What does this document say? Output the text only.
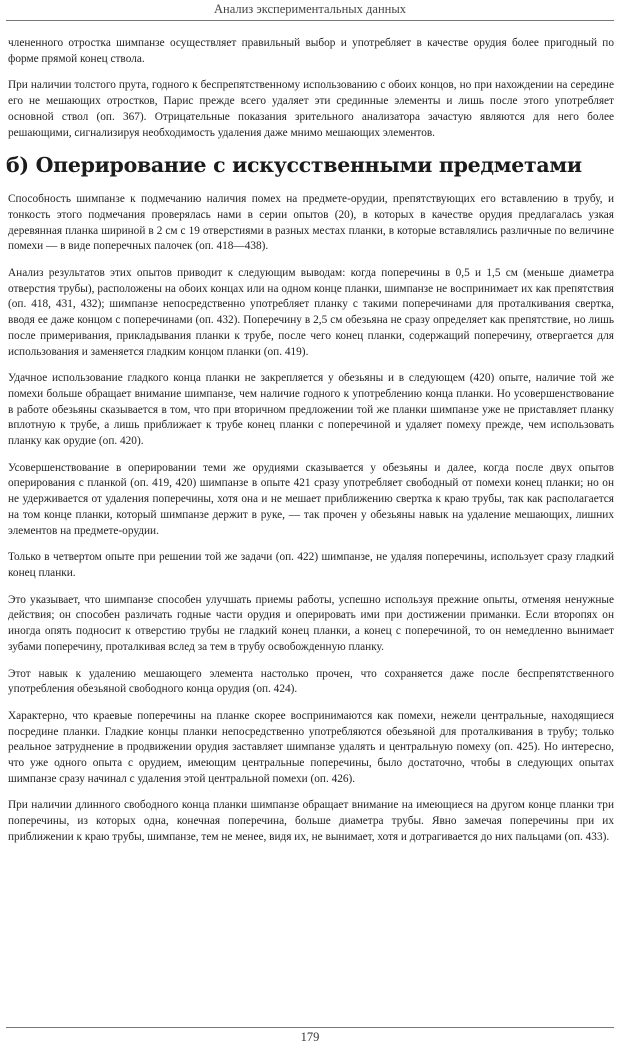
Анализ экспериментальных данных

члененного отростка шимпанзе осуществляет правильный выбор и употребляет в качестве орудия более пригодный по форме прямой конец ствола.

При наличии толстого прута, годного к беспрепятственному использованию с обоих концов, но при нахождении на середине его не мешающих отростков, Парис прежде всего удаляет эти срединные элементы и лишь после этого употребляет основной ствол (оп. 367). Отрицательные показания зрительного анализатора зачастую являются для него более решающими, сигнализируя необходимость удаления даже мнимо мешающих элементов.

б) Оперирование с искусственными предметами

Способность шимпанзе к подмечанию наличия помех на предмете-орудии, препятствующих его вставлению в трубу, и тонкость этого подмечания проверялась нами в серии опытов (20), в которых в качестве орудия предлагалась узкая деревянная планка шириной в 2 см с 19 отверстиями в разных местах планки, в которые вставлялись различные по величине помехи — в виде поперечных палочек (оп. 418—438).

Анализ результатов этих опытов приводит к следующим выводам: когда поперечины в 0,5 и 1,5 см (меньше диаметра отверстия трубы), расположены на обоих концах или на одном конце планки, шимпанзе не воспринимает их как препятствия (оп. 418, 431, 432); шимпанзе непосредственно употребляет планку с такими поперечинами для проталкивания свертка, вводя ее даже концом с поперечинами (оп. 432). Поперечину в 2,5 см обезьяна не сразу определяет как препятствие, но лишь после примеривания, прикладывания планки к трубе, после чего конец планки, содержащий поперечину, отвергается для использования и заменяется гладким концом планки (оп. 419).

Удачное использование гладкого конца планки не закрепляется у обезьяны и в следующем (420) опыте, наличие той же помехи больше обращает внимание шимпанзе, чем наличие годного к употреблению конца планки. Но усовершенствование в работе обезьяны сказывается в том, что при вторичном предложении той же планки шимпанзе уже не приставляет планку вплотную к трубе, а лишь приближает к трубе конец планки с поперечиной и удаляет помеху прежде, чем использовать планку как орудие (оп. 420).

Усовершенствование в оперировании теми же орудиями сказывается у обезьяны и далее, когда после двух опытов оперирования с планкой (оп. 419, 420) шимпанзе в опыте 421 сразу употребляет свободный от помехи конец планки; но он не удерживается от удаления поперечины, хотя она и не мешает приближению свертка к краю трубы, так как располагается на том конце планки, который шимпанзе держит в руке, — так прочен у обезьяны навык на удаление мешающих, лишних элементов на предмете-орудии.

Только в четвертом опыте при решении той же задачи (оп. 422) шимпанзе, не удаляя поперечины, использует сразу гладкий конец планки.

Это указывает, что шимпанзе способен улучшать приемы работы, успешно используя прежние опыты, отменяя ненужные действия; он способен различать годные части орудия и оперировать ими при достижении приманки. Если второпях он иногда опять подносит к отверстию трубы не гладкий конец планки, а конец с поперечиной, то он немедленно вынимает зубами поперечину, проталкивая вслед за тем в трубу освобожденную планку.

Этот навык к удалению мешающего элемента настолько прочен, что сохраняется даже после беспрепятственного употребления обезьяной свободного конца орудия (оп. 424).

Характерно, что краевые поперечины на планке скорее воспринимаются как помехи, нежели центральные, находящиеся посредине планки. Гладкие концы планки непосредственно употребляются обезьяной для проталкивания в трубу; только реальное затруднение в продвижении орудия заставляет шимпанзе удалять и центральную помеху (оп. 425). Но интересно, что уже одного опыта с орудием, имеющим центральные поперечины, было достаточно, чтобы в следующих опытах шимпанзе сразу начинал с удаления этой центральной помехи (оп. 426).

При наличии длинного свободного конца планки шимпанзе обращает внимание на имеющиеся на другом конце планки три поперечины, из которых одна, конечная поперечина, больше диаметра трубы. Явно замечая поперечины при их приближении к краю трубы, шимпанзе, тем не менее, видя их, не вынимает, хотя и дотрагивается до них пальцами (оп. 433).

179
